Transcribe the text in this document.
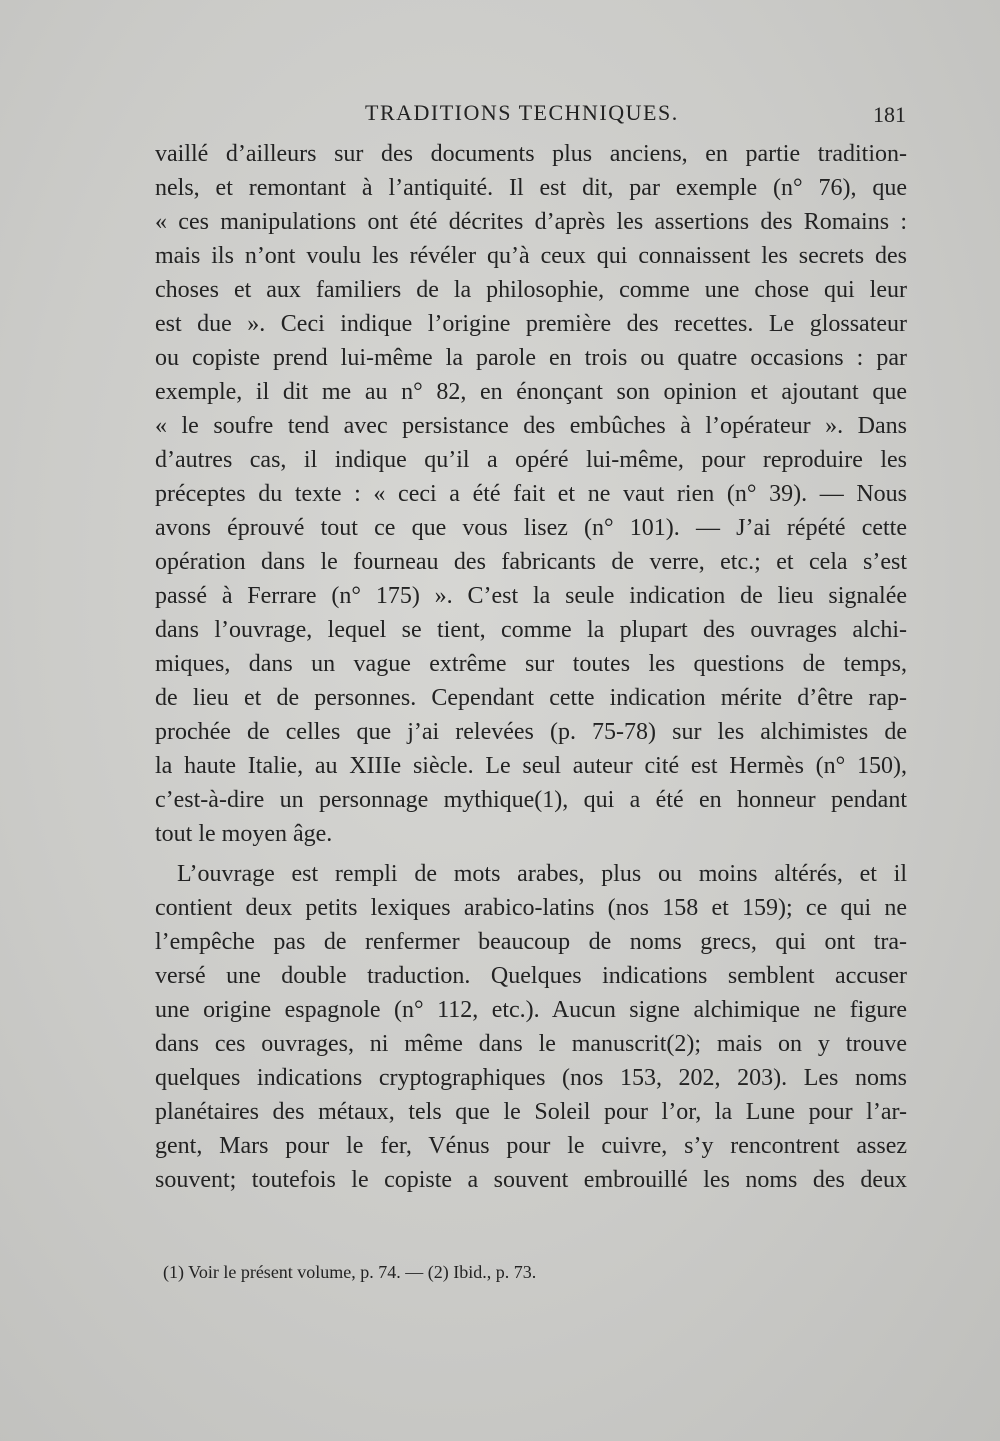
TRADITIONS TECHNIQUES.	181
vaillé d’ailleurs sur des documents plus anciens, en partie tradition-
nels, et remontant à l’antiquité. Il est dit, par exemple (n° 76), que
« ces manipulations ont été décrites d’après les assertions des Romains :
mais ils n’ont voulu les révéler qu’à ceux qui connaissent les secrets des
choses et aux familiers de la philosophie, comme une chose qui leur
est due ». Ceci indique l’origine première des recettes. Le glossateur
ou copiste prend lui-même la parole en trois ou quatre occasions : par
exemple, il dit me au n° 82, en énonçant son opinion et ajoutant que
« le soufre tend avec persistance des embûches à l’opérateur ». Dans
d’autres cas, il indique qu’il a opéré lui-même, pour reproduire les
préceptes du texte : « ceci a été fait et ne vaut rien (n° 39). — Nous
avons éprouvé tout ce que vous lisez (n° 101). — J’ai répété cette
opération dans le fourneau des fabricants de verre, etc.; et cela s’est
passé à Ferrare (n° 175) ». C’est la seule indication de lieu signalée
dans l’ouvrage, lequel se tient, comme la plupart des ouvrages alchi-
miques, dans un vague extrême sur toutes les questions de temps,
de lieu et de personnes. Cependant cette indication mérite d’être rap-
prochée de celles que j’ai relevées (p. 75-78) sur les alchimistes de
la haute Italie, au XIIIe siècle. Le seul auteur cité est Hermès (n° 150),
c’est-à-dire un personnage mythique(1), qui a été en honneur pendant
tout le moyen âge.
L’ouvrage est rempli de mots arabes, plus ou moins altérés, et il
contient deux petits lexiques arabico-latins (nos 158 et 159); ce qui ne
l’empêche pas de renfermer beaucoup de noms grecs, qui ont tra-
versé une double traduction. Quelques indications semblent accuser
une origine espagnole (n° 112, etc.). Aucun signe alchimique ne figure
dans ces ouvrages, ni même dans le manuscrit(2); mais on y trouve
quelques indications cryptographiques (nos 153, 202, 203). Les noms
planétaires des métaux, tels que le Soleil pour l’or, la Lune pour l’ar-
gent, Mars pour le fer, Vénus pour le cuivre, s’y rencontrent assez
souvent; toutefois le copiste a souvent embrouillé les noms des deux
(1) Voir le présent volume, p. 74. — (2) Ibid., p. 73.
